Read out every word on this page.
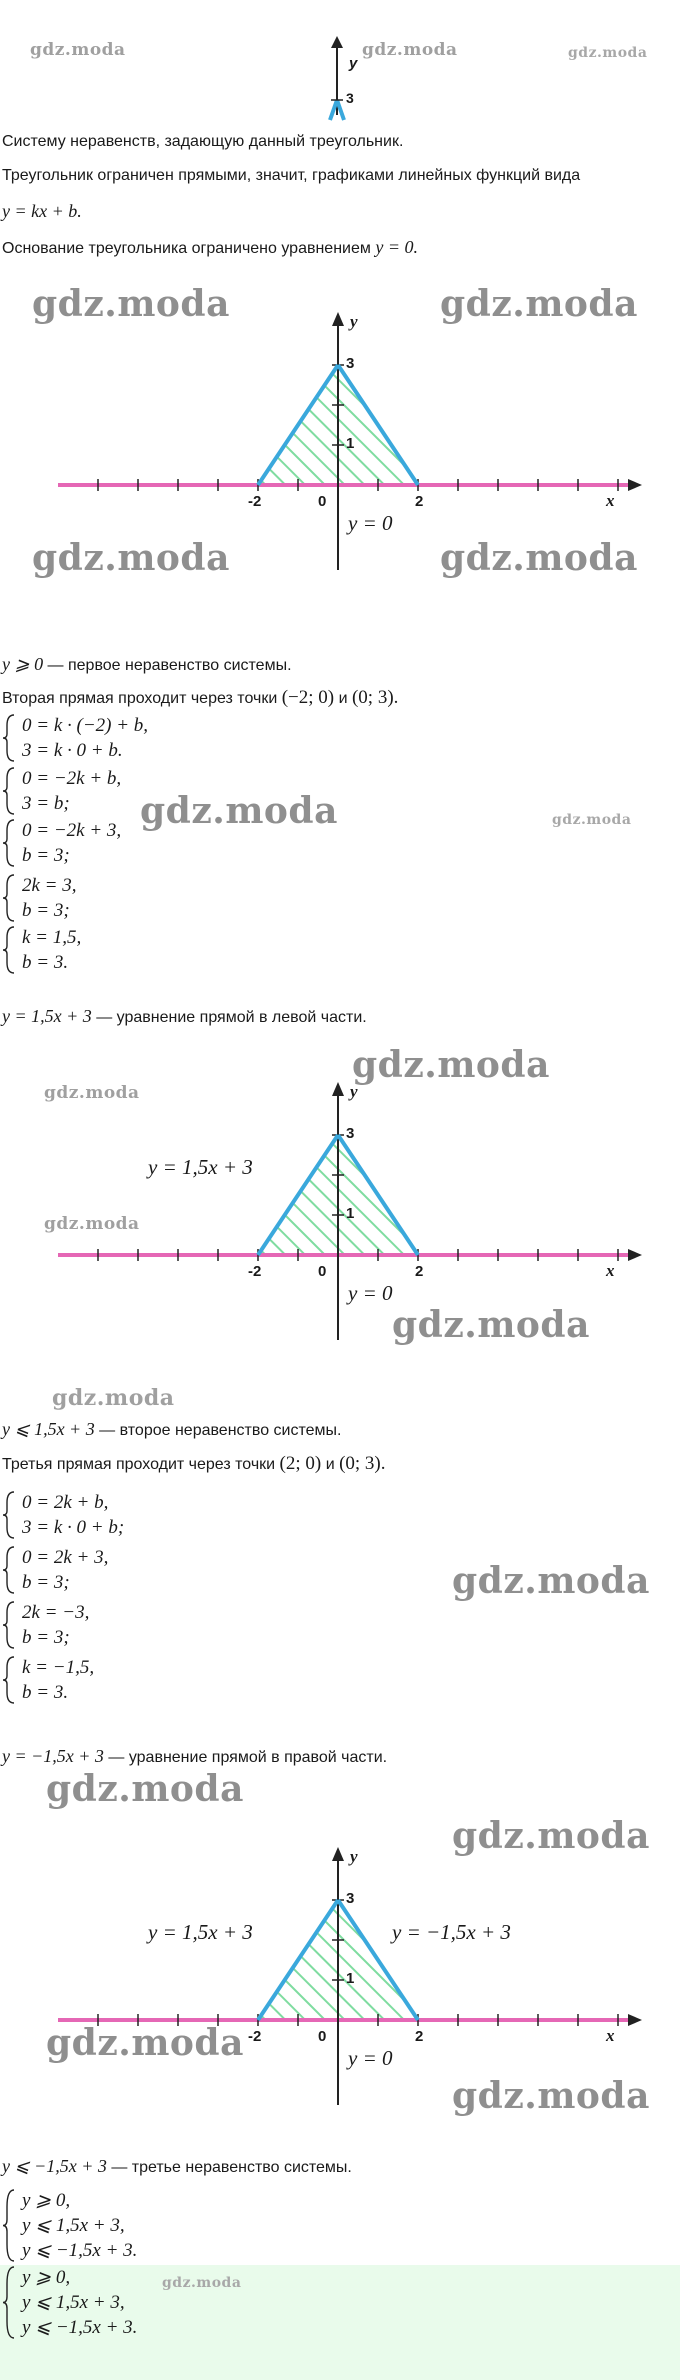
gdz.moda	gdz.moda	gdz.moda
y
3
Систему неравенств, задающую данный треугольник.
Треугольник ограничен прямыми, значит, графиками линейных функций вида
y = kx + b.
Основание треугольника ограничено уравнением y = 0.
y
x
-2	0	2
1
3
y = 0
gdz.moda	gdz.moda
gdz.moda	gdz.moda
y ⩾ 0 — первое неравенство системы.
Вторая прямая проходит через точки (−2; 0) и (0; 3).
0 = k · (−2) + b,
3 = k · 0 + b.
0 = −2k + b,
3 = b;
0 = −2k + 3,
b = 3;
2k = 3,
b = 3;
k = 1,5,
b = 3.
gdz.moda	gdz.moda
y = 1,5x + 3 — уравнение прямой в левой части.
y
x
-2	0	2
1
3
y = 0
y = 1,5x + 3
gdz.moda
gdz.moda
gdz.moda
gdz.moda
gdz.moda
y ⩽ 1,5x + 3 — второе неравенство системы.
Третья прямая проходит через точки (2; 0) и (0; 3).
0 = 2k + b,
3 = k · 0 + b;
0 = 2k + 3,
b = 3;
2k = −3,
b = 3;
k = −1,5,
b = 3.
gdz.moda
y = −1,5x + 3 — уравнение прямой в правой части.
gdz.moda
y
x
-2	0	2
1
3
y = 0
y = 1,5x + 3	y = −1,5x + 3
gdz.moda
gdz.moda
gdz.moda
y ⩽ −1,5x + 3 — третье неравенство системы.
y ⩾ 0,
y ⩽ 1,5x + 3,
y ⩽ −1,5x + 3.
y ⩾ 0,
y ⩽ 1,5x + 3,
y ⩽ −1,5x + 3.
gdz.moda
